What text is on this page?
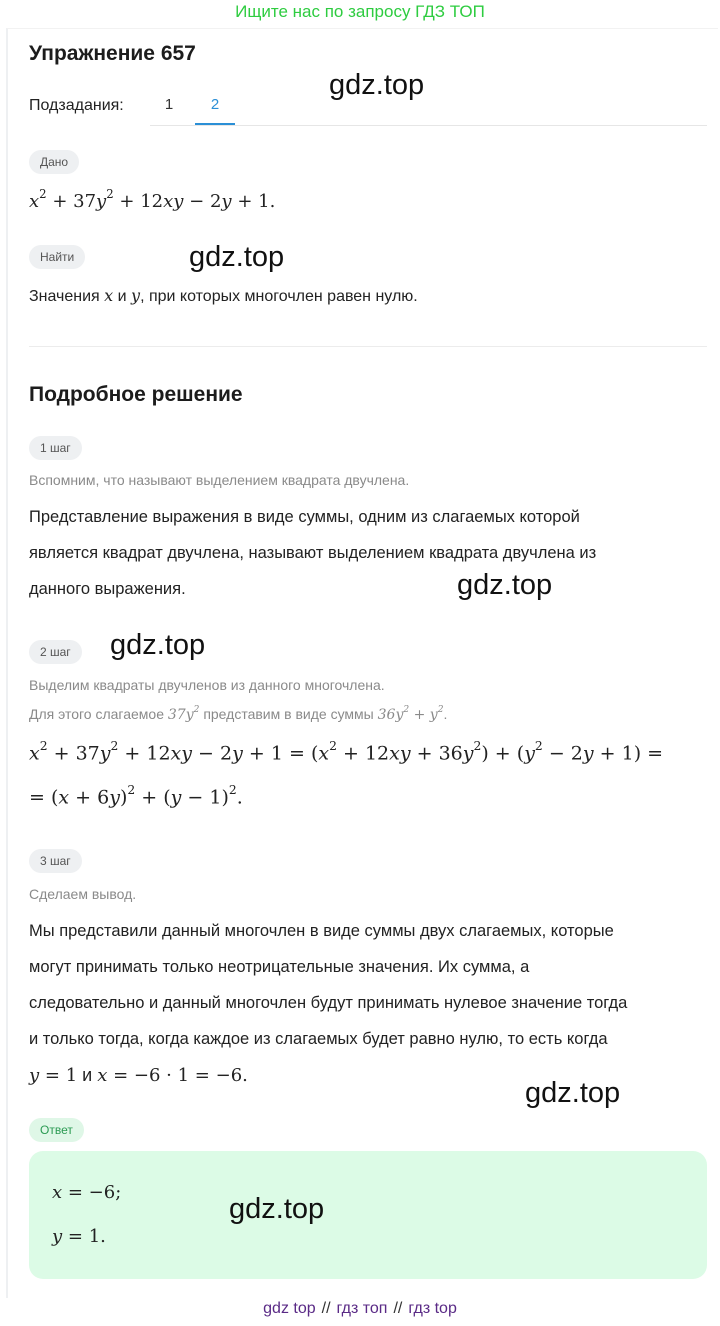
Ищите нас по запросу ГДЗ ТОП
Упражнение 657
Подзадания:	1	2
Дано
$x^2 + 37y^2 + 12xy - 2y + 1$.
Найти
Значения x и y, при которых многочлен равен нулю.
Подробное решение
1 шаг
Вспомним, что называют выделением квадрата двучлена.
Представление выражения в виде суммы, одним из слагаемых которой
является квадрат двучлена, называют выделением квадрата двучлена из
данного выражения.
2 шаг
Выделим квадраты двучленов из данного многочлена.
Для этого слагаемое $37y^2$ представим в виде суммы $36y^2 + y^2$.
$x^2 + 37y^2 + 12xy - 2y + 1 = (x^2 + 12xy + 36y^2) + (y^2 - 2y + 1)$ =
= $(x + 6y)^2 + (y - 1)^2$.
3 шаг
Сделаем вывод.
Мы представили данный многочлен в виде суммы двух слагаемых, которые
могут принимать только неотрицательные значения. Их сумма, а
следовательно и данный многочлен будут принимать нулевое значение тогда
и только тогда, когда каждое из слагаемых будет равно нулю, то есть когда
y = 1 и x = −6 · 1 = −6.
Ответ
x = −6;
y = 1.
gdz.top
gdz.top
gdz.top
gdz.top
gdz.top
gdz.top
gdz top // гдз топ // гдз top
